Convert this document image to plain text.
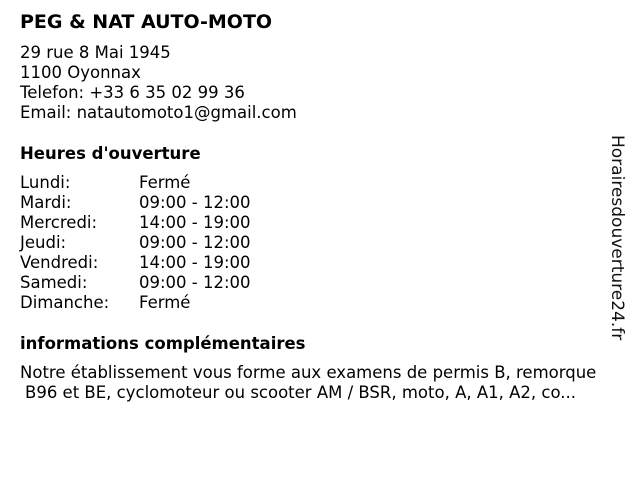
PEG & NAT AUTO-MOTO
29 rue 8 Mai 1945
1100 Oyonnax
Telefon: +33 6 35 02 99 36
Email: natautomoto1@gmail.com
Heures d'ouverture
Lundi:	Fermé
Mardi:	09:00 - 12:00
Mercredi:	14:00 - 19:00
Jeudi:	09:00 - 12:00
Vendredi:	14:00 - 19:00
Samedi:	09:00 - 12:00
Dimanche:	Fermé
informations complémentaires
Notre établissement vous forme aux examens de permis B, remorque
B96 et BE, cyclomoteur ou scooter AM / BSR, moto, A, A1, A2, co...
Horairesdouverture24.fr
